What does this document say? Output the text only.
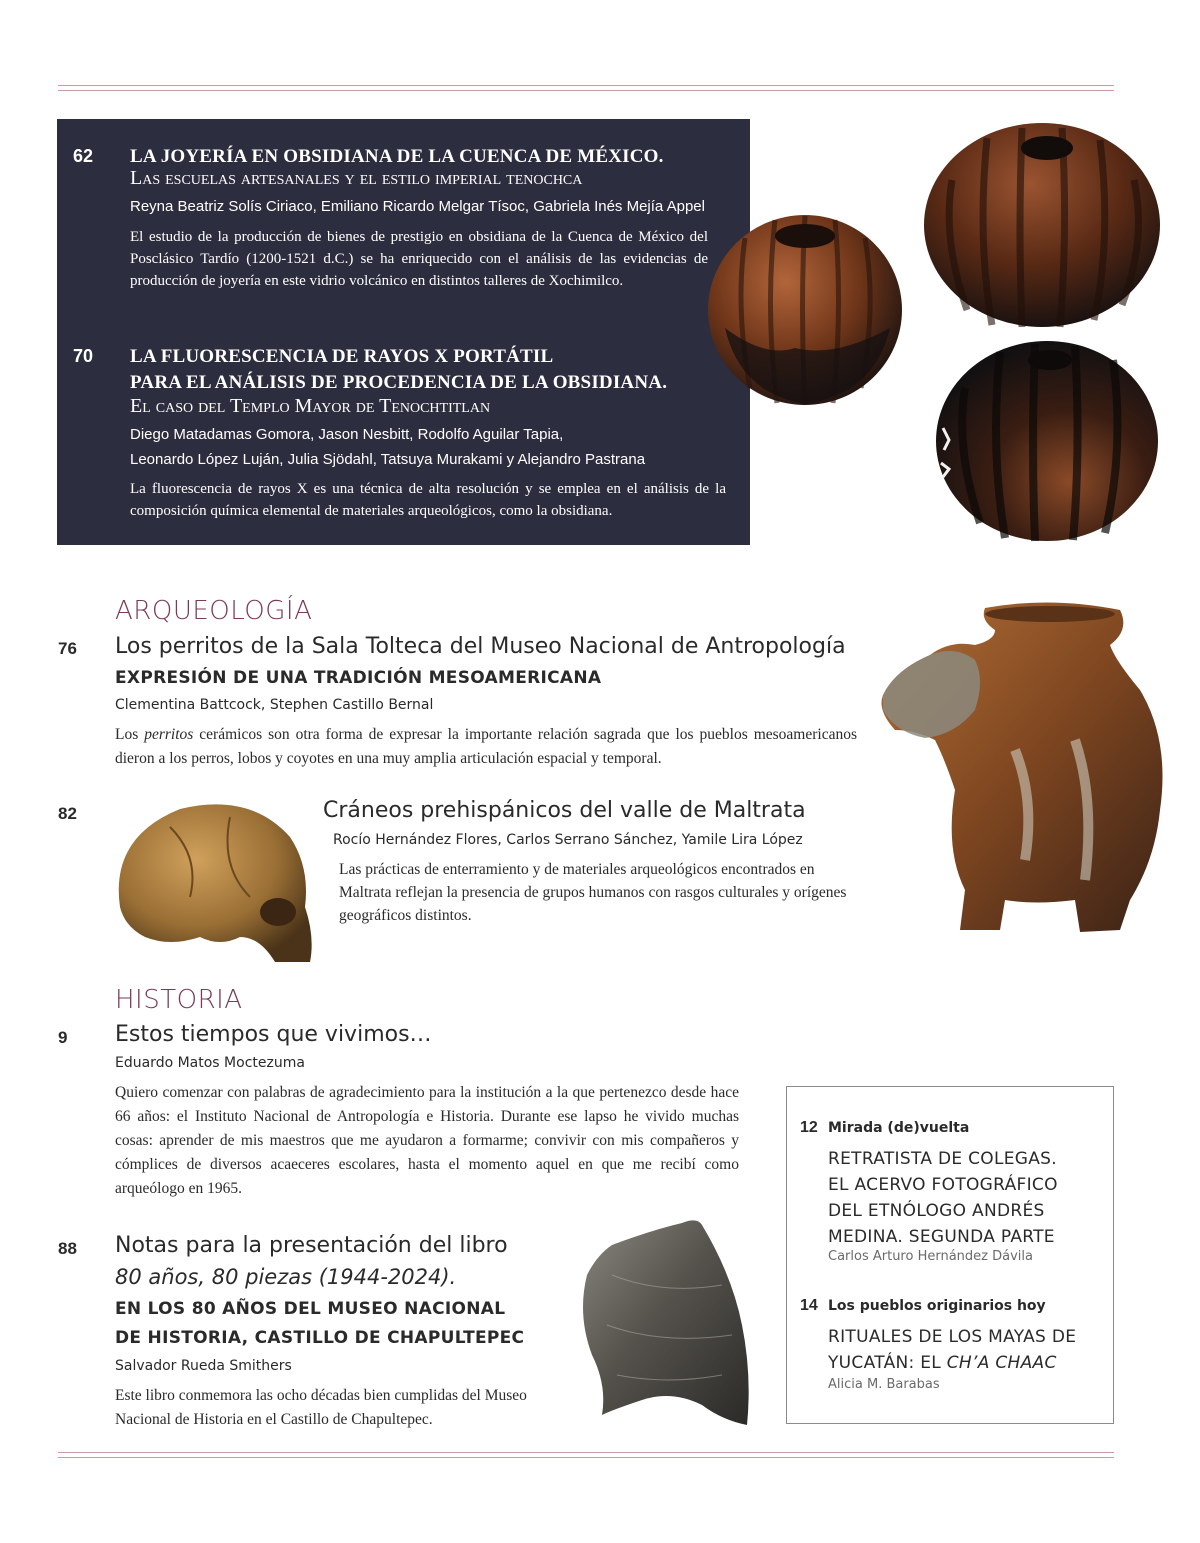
62 LA JOYERÍA EN OBSIDIANA DE LA CUENCA DE MÉXICO.
Las escuelas artesanales y el estilo imperial tenochca
Reyna Beatriz Solís Ciriaco, Emiliano Ricardo Melgar Tísoc, Gabriela Inés Mejía Appel
El estudio de la producción de bienes de prestigio en obsidiana de la Cuenca de México del Posclásico Tardío (1200-1521 d.C.) se ha enriquecido con el análisis de las evidencias de producción de joyería en este vidrio volcánico en distintos talleres de Xochimilco.
70 LA FLUORESCENCIA DE RAYOS X PORTÁTIL
PARA EL ANÁLISIS DE PROCEDENCIA DE LA OBSIDIANA.
El caso del Templo Mayor de Tenochtitlan
Diego Matadamas Gomora, Jason Nesbitt, Rodolfo Aguilar Tapia,
Leonardo López Luján, Julia Sjödahl, Tatsuya Murakami y Alejandro Pastrana
La fluorescencia de rayos X es una técnica de alta resolución y se emplea en el análisis de la composición química elemental de materiales arqueológicos, como la obsidiana.
ARQUEOLOGÍA
76 Los perritos de la Sala Tolteca del Museo Nacional de Antropología
EXPRESIÓN DE UNA TRADICIÓN MESOAMERICANA
Clementina Battcock, Stephen Castillo Bernal
Los perritos cerámicos son otra forma de expresar la importante relación sagrada que los pueblos mesoamericanos dieron a los perros, lobos y coyotes en una muy amplia articulación espacial y temporal.
82	Cráneos prehispánicos del valle de Maltrata
Rocío Hernández Flores, Carlos Serrano Sánchez, Yamile Lira López
Las prácticas de enterramiento y de materiales arqueológicos encontrados en Maltrata reflejan la presencia de grupos humanos con rasgos culturales y orígenes geográficos distintos.
HISTORIA
9 Estos tiempos que vivimos…
Eduardo Matos Moctezuma
Quiero comenzar con palabras de agradecimiento para la institución a la que pertenezco desde hace 66 años: el Instituto Nacional de Antropología e Historia. Durante ese lapso he vivido muchas cosas: aprender de mis maestros que me ayudaron a formarme; convivir con mis compañeros y cómplices de diversos acaeceres escolares, hasta el momento aquel en que me recibí como arqueólogo en 1965.
88 Notas para la presentación del libro
80 años, 80 piezas (1944-2024).
EN LOS 80 AÑOS DEL MUSEO NACIONAL
DE HISTORIA, CASTILLO DE CHAPULTEPEC
Salvador Rueda Smithers
Este libro conmemora las ocho décadas bien cumplidas del Museo Nacional de Historia en el Castillo de Chapultepec.
12 Mirada (de)vuelta
RETRATISTA DE COLEGAS. EL ACERVO FOTOGRÁFICO DEL ETNÓLOGO ANDRÉS MEDINA. SEGUNDA PARTE
Carlos Arturo Hernández Dávila
14 Los pueblos originarios hoy
RITUALES DE LOS MAYAS DE YUCATÁN: EL CH’A CHAAC
Alicia M. Barabas
